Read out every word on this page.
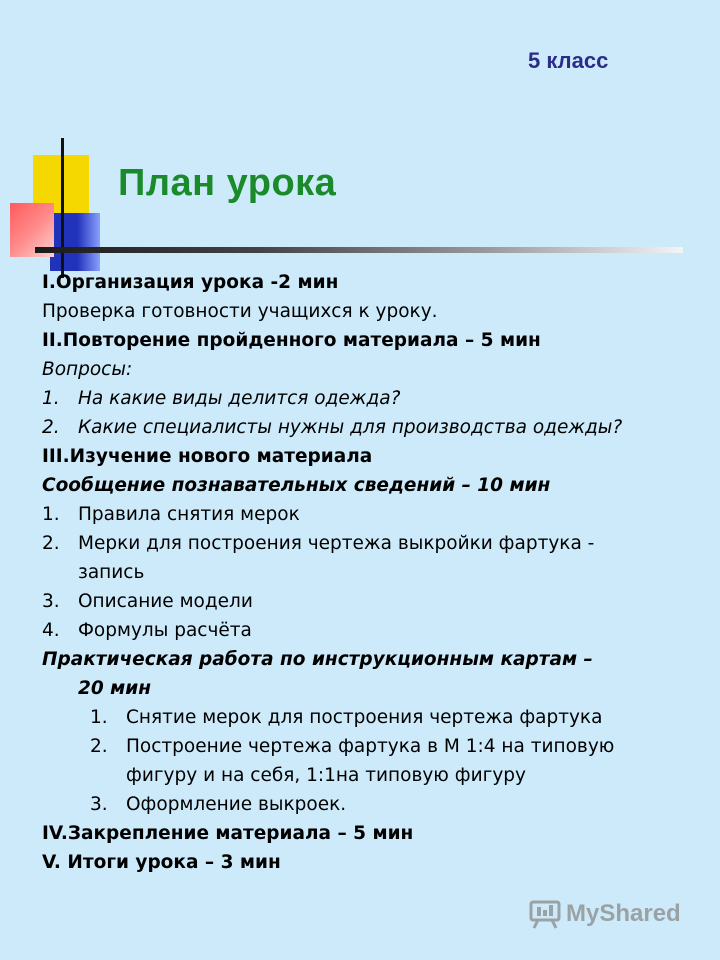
5 класс
План урока
I.Организация урока -2 мин
Проверка готовности учащихся к уроку.
II.Повторение пройденного материала – 5 мин
Вопросы:
1. На какие виды делится одежда?
2. Какие специалисты нужны для производства одежды?
III.Изучение нового материала
Сообщение познавательных сведений – 10 мин
1. Правила снятия мерок
2. Мерки для построения чертежа выкройки фартука -
запись
3. Описание модели
4. Формулы расчёта
Практическая работа по инструкционным картам –
20 мин
1. Снятие мерок для построения чертежа фартука
2. Построение чертежа фартука в М 1:4 на типовую
фигуру и на себя, 1:1на типовую фигуру
3. Оформление выкроек.
IV.Закрепление материала – 5 мин
V. Итоги урока – 3 мин
MyShared
